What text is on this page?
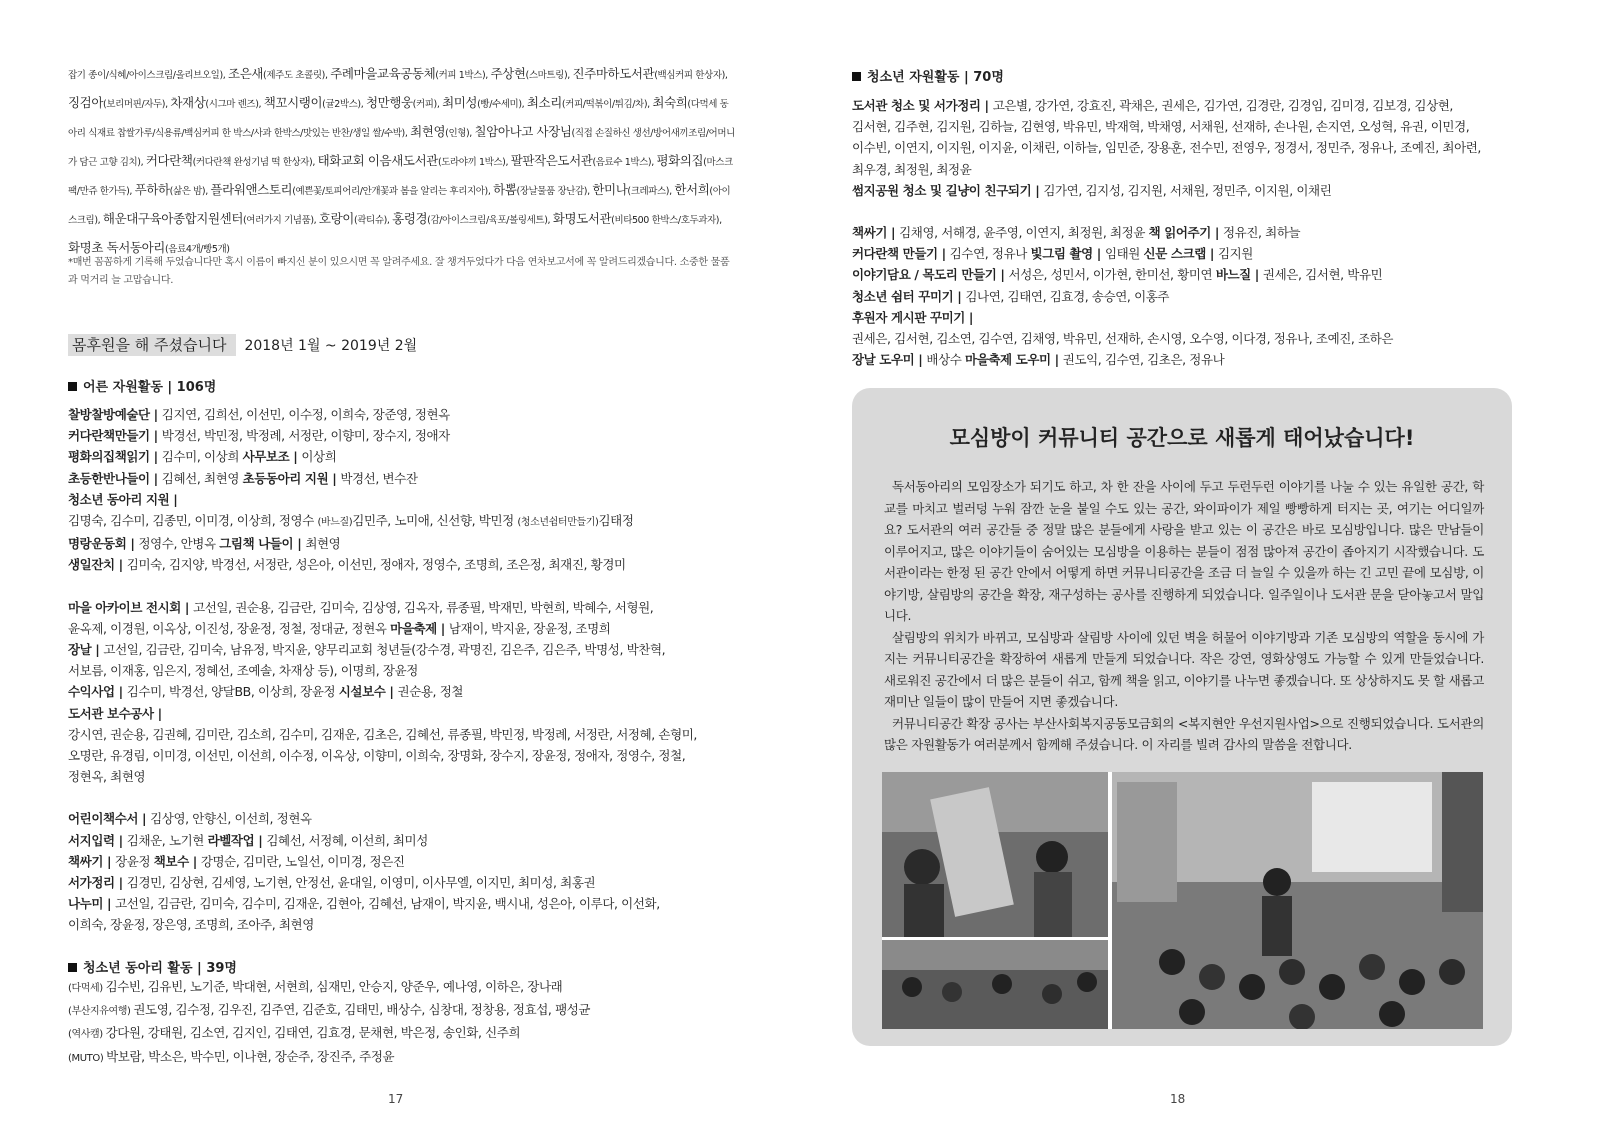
잡기 종이/식혜/아이스크림/올리브오일), 조은새(제주도 초콜릿), 주례마을교육공동체(커피 1박스), 주상현(스마트링), 진주마하도서관(백심커피 한상자), 징검아(보리머핀/자두), 차재상(시그마 렌즈), 책꼬시랭이(귤2박스), 청만행웅(커피), 최미성(빵/수세미), 최소리(커피/떡볶이/튀김/차), 최숙희(다먹세 동아리 식재료 찹쌀가루/식용류/백심커피 한 박스/사과 한박스/맛있는 반찬/생일 쌀/수박), 최현영(인형), 칠암아나고 사장님(직접 손질하신 생선/방어새끼조림/어머니가 담근 고향 김치), 커다란책(커다란책 완성기념 떡 한상자), 태화교회 이음새도서관(도라야끼 1박스), 팔판작은도서관(음료수 1박스), 평화의집(마스크팩/만쥬 한가득), 푸하하(삶은 밤), 플라워앤스토리(예쁜꽃/토피어리/안개꽃과 봄을 알리는 후리지아), 하뽐(장날물품 장난감), 한미나(크레파스), 한서희(아이스크림), 해운대구육아종합지원센터(여러가지 기념품), 호랑이(곽티슈), 홍령경(감/아이스크림/육포/볼링세트), 화명도서관(비타500 한박스/호두과자), 화명초 독서동아리(음료4개/빵5개)
*매번 꼼꼼하게 기록해 두었습니다만 혹시 이름이 빠지신 분이 있으시면 꼭 알려주세요. 잘 챙겨두었다가 다음 연차보고서에 꼭 알려드리겠습니다. 소중한 물품과 먹거리 늘 고맙습니다.
몸후원을 해 주셨습니다 2018년 1월 ~ 2019년 2월
어른 자원활동 | 106명

찰방찰방예술단 | 김지연, 김희선, 이선민, 이수정, 이희숙, 장준영, 정현옥

커다란책만들기 | 박경선, 박민정, 박정례, 서정란, 이향미, 장수지, 정애자

평화의집책읽기 | 김수미, 이상희 사무보조 | 이상희

초등한반나들이 | 김혜선, 최현영 초등동아리 지원 | 박경선, 변수잔

청소년 동아리 지원 |

김명숙, 김수미, 김종민, 이미경, 이상희, 정영수 (바느질)김민주, 노미애, 신선향, 박민정 (청소년쉼터만들기)김태정

명랑운동회 | 정영수, 안병옥 그림책 나들이 | 최현영

생일잔치 | 김미숙, 김지양, 박경선, 서정란, 성은아, 이선민, 정애자, 정영수, 조명희, 조은정, 최재진, 황경미

마을 아카이브 전시회 | 고선일, 권순용, 김금란, 김미숙, 김상영, 김옥자, 류종필, 박재민, 박현희, 박혜수, 서형원,

윤옥제, 이경원, 이옥상, 이진성, 장윤정, 정철, 정대균, 정현옥 마을축제 | 남재이, 박지윤, 장윤정, 조명희

장날 | 고선일, 김금란, 김미숙, 남유정, 박지윤, 양무리교회 청년들(강수경, 곽명진, 김은주, 김은주, 박명성, 박찬혁,

서보름, 이재홍, 임은지, 정혜선, 조예솔, 차재상 등), 이명희, 장윤정

수익사업 | 김수미, 박경선, 양달BB, 이상희, 장윤정 시설보수 | 권순용, 정철

도서관 보수공사 |

강시연, 권순용, 김권혜, 김미란, 김소희, 김수미, 김재운, 김초은, 김혜선, 류종필, 박민정, 박정례, 서정란, 서정혜, 손형미,

오명란, 유경림, 이미경, 이선민, 이선희, 이수정, 이옥상, 이향미, 이희숙, 장명화, 장수지, 장윤정, 정애자, 정영수, 정철,

정현옥, 최현영

어린이책수서 | 김상영, 안향신, 이선희, 정현옥

서지입력 | 김채운, 노기현 라벨작업 | 김혜선, 서정혜, 이선희, 최미성

책싸기 | 장윤정 책보수 | 강명순, 김미란, 노일선, 이미경, 정은진

서가정리 | 김경민, 김상현, 김세영, 노기현, 안정선, 윤대일, 이영미, 이사무엘, 이지민, 최미성, 최홍권

나누미 | 고선일, 김금란, 김미숙, 김수미, 김재운, 김현아, 김혜선, 남재이, 박지윤, 백시내, 성은아, 이루다, 이선화,

이희숙, 장윤정, 장은영, 조명희, 조아주, 최현영

청소년 동아리 활동 | 39명

(다먹세) 김수빈, 김유빈, 노기준, 박대현, 서현희, 심재민, 안승지, 양준우, 예나영, 이하은, 장나래

(부산지유여행) 권도영, 김수정, 김우진, 김주연, 김준호, 김태민, 배상수, 심창대, 정창용, 정효섭, 팽성균

(역사캠) 강다원, 강태원, 김소연, 김지인, 김태연, 김효경, 문채현, 박은정, 송인화, 신주희

(MUTO) 박보람, 박소은, 박수민, 이나현, 장순주, 장진주, 주정윤

17
청소년 자원활동 | 70명

도서관 청소 및 서가정리 | 고은별, 강가연, 강효진, 곽채은, 권세은, 김가연, 김경란, 김경임, 김미경, 김보경, 김상현,

김서현, 김주현, 김지원, 김하늘, 김현영, 박유민, 박재혁, 박채영, 서채원, 선재하, 손나원, 손지연, 오성혁, 유권, 이민경,

이수빈, 이연지, 이지원, 이지윤, 이채린, 이하늘, 임민준, 장용훈, 전수민, 전영우, 정경서, 정민주, 정유나, 조예진, 최아련,

최우경, 최정원, 최정윤

썸지공원 청소 및 길냥이 친구되기 | 김가연, 김지성, 김지원, 서채원, 정민주, 이지원, 이채린

책싸기 | 김채영, 서해경, 윤주영, 이연지, 최정원, 최정윤 책 읽어주기 | 정유진, 최하늘

커다란책 만들기 | 김수연, 정유나 빛그림 촬영 | 임태원 신문 스크랩 | 김지원

이야기담요 / 목도리 만들기 | 서성은, 성민서, 이가현, 한미선, 황미연 바느질 | 권세은, 김서현, 박유민

청소년 쉼터 꾸미기 | 김나연, 김태연, 김효경, 송승연, 이홍주

후원자 게시판 꾸미기 |

권세은, 김서현, 김소연, 김수연, 김채영, 박유민, 선재하, 손시영, 오수영, 이다경, 정유나, 조예진, 조하은

장날 도우미 | 배상수 마을축제 도우미 | 권도익, 김수연, 김초은, 정유나

모심방이 커뮤니티 공간으로 새롭게 태어났습니다!

독서동아리의 모임장소가 되기도 하고, 차 한 잔을 사이에 두고 두런두런 이야기를 나눌 수 있는 유일한 공간, 학교를 마치고 벌러덩 누워 잠깐 눈을 붙일 수도 있는 공간, 와이파이가 제일 빵빵하게 터지는 곳, 여기는 어디일까요? 도서관의 여러 공간들 중 정말 많은 분들에게 사랑을 받고 있는 이 공간은 바로 모심방입니다. 많은 만남들이 이루어지고, 많은 이야기들이 숨어있는 모심방을 이용하는 분들이 점점 많아져 공간이 좁아지기 시작했습니다. 도서관이라는 한정 된 공간 안에서 어떻게 하면 커뮤니티공간을 조금 더 늘일 수 있을까 하는 긴 고민 끝에 모심방, 이야기방, 살림방의 공간을 확장, 재구성하는 공사를 진행하게 되었습니다. 일주일이나 도서관 문을 닫아놓고서 말입니다.

살림방의 위치가 바뀌고, 모심방과 살림방 사이에 있던 벽을 허물어 이야기방과 기존 모심방의 역할을 동시에 가지는 커뮤니티공간을 확장하여 새롭게 만들게 되었습니다. 작은 강연, 영화상영도 가능할 수 있게 만들었습니다. 새로워진 공간에서 더 많은 분들이 쉬고, 함께 책을 읽고, 이야기를 나누면 좋겠습니다. 또 상상하지도 못 할 새롭고 재미난 일들이 많이 만들어 지면 좋겠습니다.

커뮤니티공간 확장 공사는 부산사회복지공동모금회의 <복지현안 우선지원사업>으로 진행되었습니다. 도서관의 많은 자원활동가 여러분께서 함께해 주셨습니다. 이 자리를 빌려 감사의 말씀을 전합니다.

18
